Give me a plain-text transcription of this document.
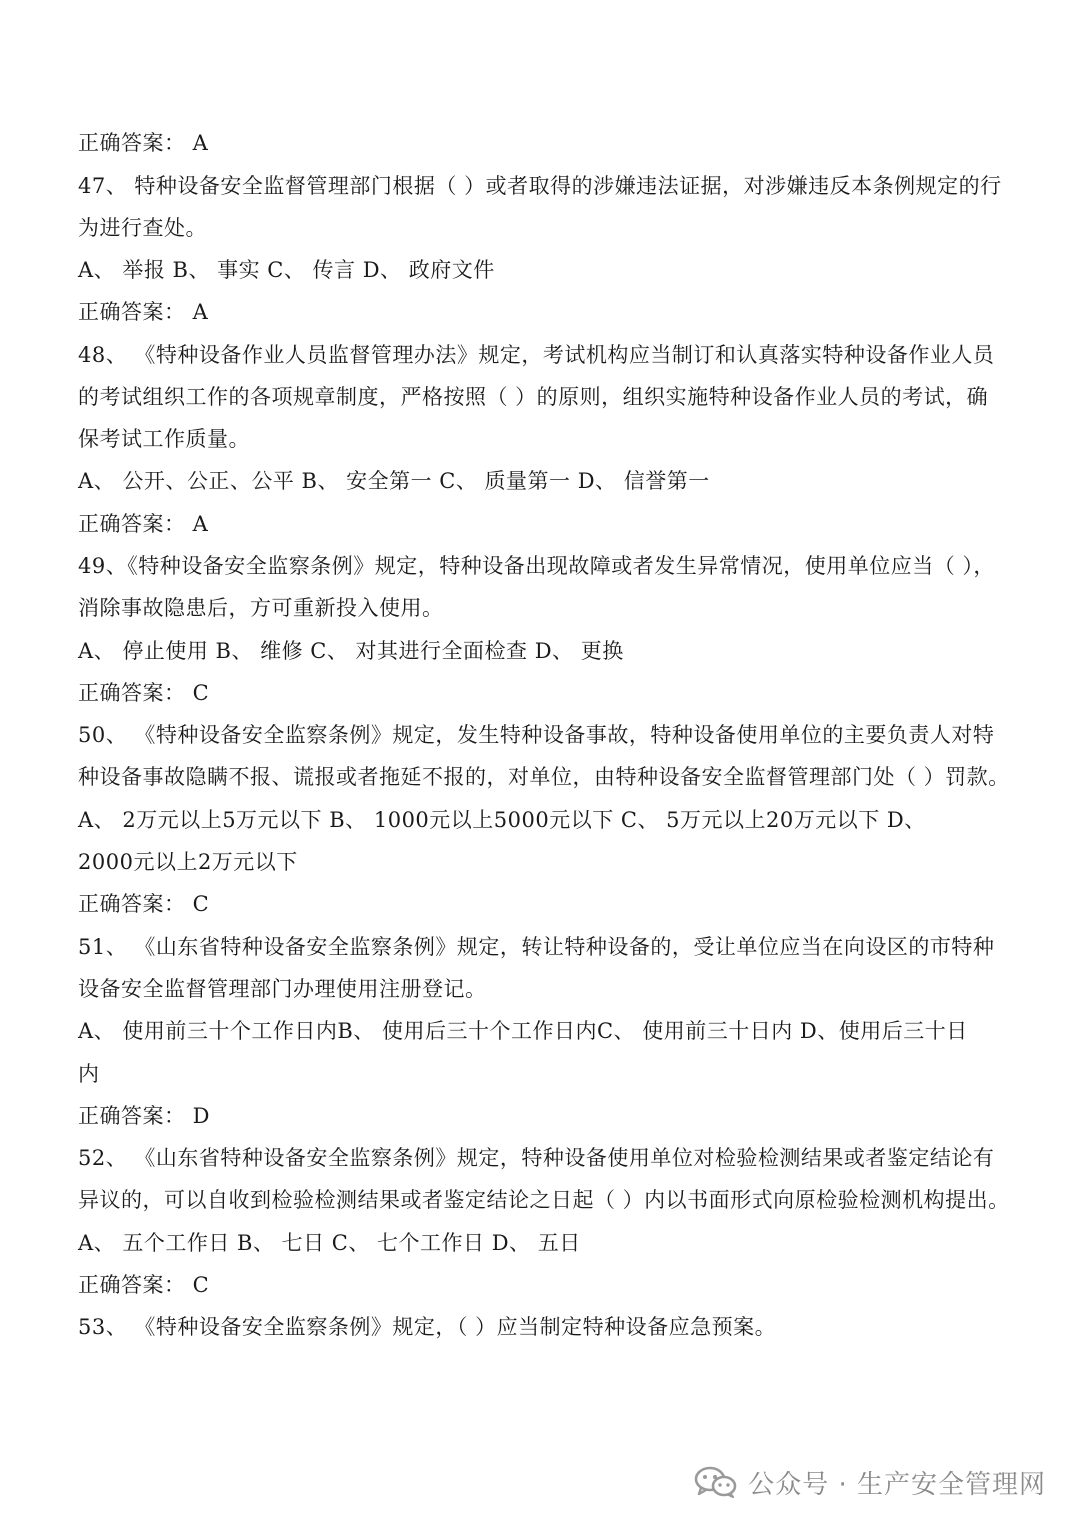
正确答案： A
47、 特种设备安全监督管理部门根据（ ）或者取得的涉嫌违法证据，对涉嫌违反本条例规定的行
为进行查处。
A、 举报 B、 事实 C、 传言 D、 政府文件
正确答案： A
48、 《特种设备作业人员监督管理办法》规定，考试机构应当制订和认真落实特种设备作业人员
的考试组织工作的各项规章制度，严格按照（ ）的原则，组织实施特种设备作业人员的考试，确
保考试工作质量。
A、 公开、公正、公平 B、 安全第一 C、 质量第一 D、 信誉第一
正确答案： A
49、《特种设备安全监察条例》规定，特种设备出现故障或者发生异常情况，使用单位应当（ ），
消除事故隐患后，方可重新投入使用。
A、 停止使用 B、 维修 C、 对其进行全面检查 D、 更换
正确答案： C
50、 《特种设备安全监察条例》规定，发生特种设备事故，特种设备使用单位的主要负责人对特
种设备事故隐瞒不报、谎报或者拖延不报的，对单位，由特种设备安全监督管理部门处（ ）罚款。
A、 2万元以上5万元以下 B、 1000元以上5000元以下 C、 5万元以上20万元以下 D、
2000元以上2万元以下
正确答案： C
51、 《山东省特种设备安全监察条例》规定，转让特种设备的，受让单位应当在向设区的市特种
设备安全监督管理部门办理使用注册登记。
A、 使用前三十个工作日内B、 使用后三十个工作日内C、 使用前三十日内 D、使用后三十日
内
正确答案： D
52、 《山东省特种设备安全监察条例》规定，特种设备使用单位对检验检测结果或者鉴定结论有
异议的，可以自收到检验检测结果或者鉴定结论之日起（ ）内以书面形式向原检验检测机构提出。
A、 五个工作日 B、 七日 C、 七个工作日 D、 五日
正确答案： C
53、 《特种设备安全监察条例》规定，（ ）应当制定特种设备应急预案。
公众号 · 生产安全管理网
